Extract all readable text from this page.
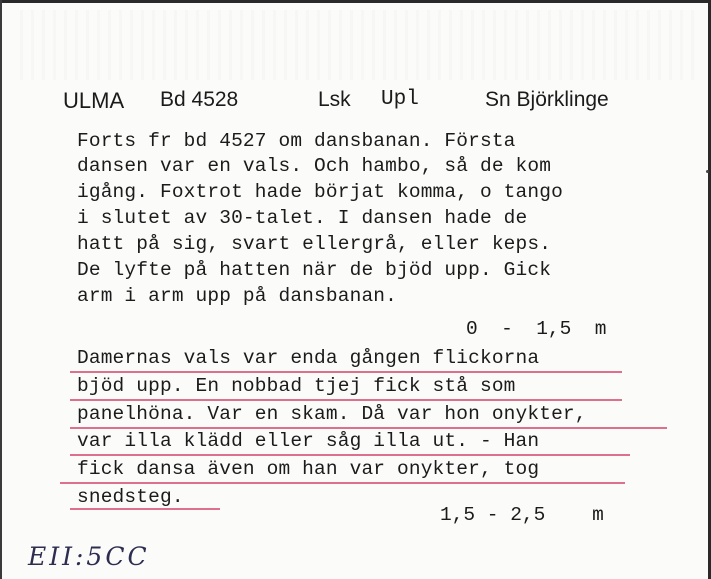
ULMA Bd 4528	Lsk Upl	Sn Björklinge
Forts fr bd 4527 om dansbanan. Första
dansen var en vals. Och hambo, så de kom
igång. Foxtrot hade börjat komma, o tango
i slutet av 30-talet. I dansen hade de
hatt på sig, svart ellergrå, eller keps.
De lyfte på hatten när de bjöd upp. Gick
arm i arm upp på dansbanan.
0  -  1,5  m
Damernas vals var enda gången flickorna
bjöd upp. En nobbad tjej fick stå som
panelhöna. Var en skam. Då var hon onykter,
var illa klädd eller såg illa ut. - Han
fick dansa även om han var onykter, tog
snedsteg.
1,5 - 2,5    m
EII:5CC
